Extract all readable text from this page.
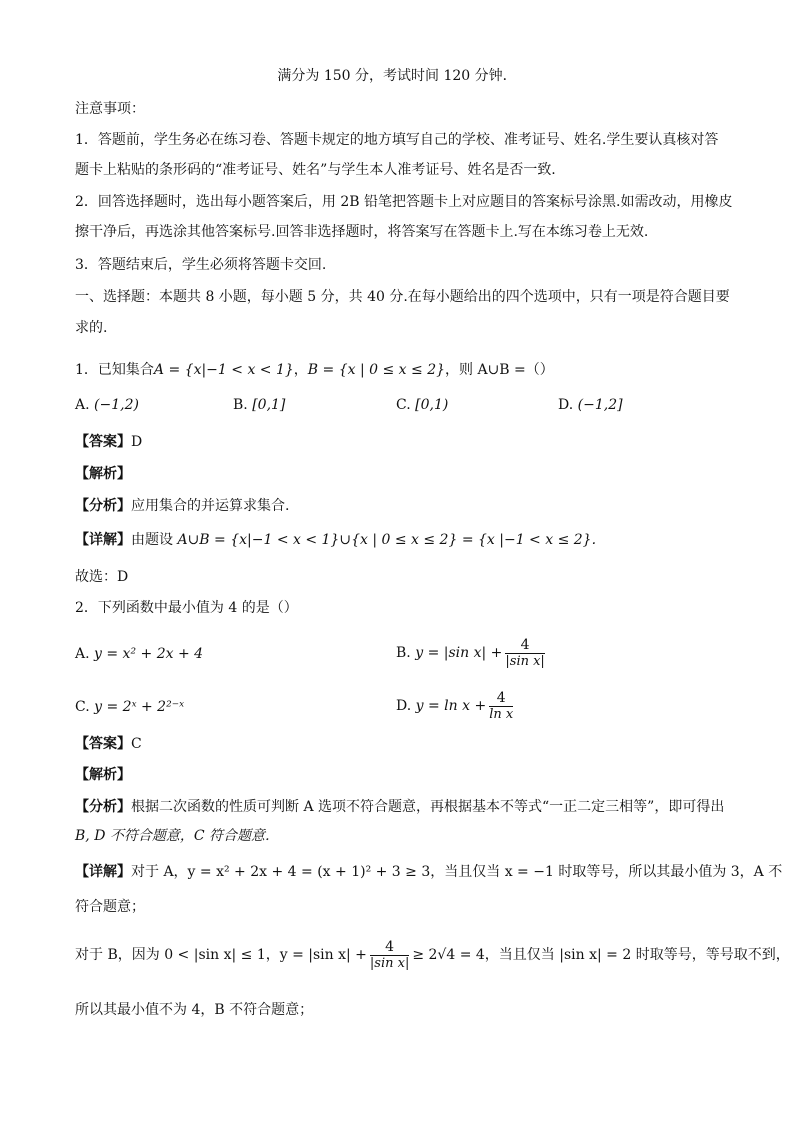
满分为 150 分，考试时间 120 分钟．
注意事项：
1．答题前，学生务必在练习卷、答题卡规定的地方填写自己的学校、准考证号、姓名.学生要认真核对答
题卡上粘贴的条形码的“准考证号、姓名”与学生本人准考证号、姓名是否一致.
2．回答选择题时，选出每小题答案后，用 2B 铅笔把答题卡上对应题目的答案标号涂黑.如需改动，用橡皮
擦干净后，再选涂其他答案标号.回答非选择题时，将答案写在答题卡上.写在本练习卷上无效.
3．答题结束后，学生必须将答题卡交回.
一、选择题：本题共 8 小题，每小题 5 分，共 40 分.在每小题给出的四个选项中，只有一项是符合题目要
求的.
1．已知集合A = {x|−1 < x < 1}，B = {x | 0 ≤ x ≤ 2}，则 A∪B =（）
A. (−1,2)	B. [0,1]	C. [0,1)	D. (−1,2]
【答案】D
【解析】
【分析】应用集合的并运算求集合.
【详解】由题设 A∪B = {x|−1 < x < 1}∪{x | 0 ≤ x ≤ 2} = {x |−1 < x ≤ 2}.
故选：D
2．下列函数中最小值为 4 的是（）
A. y = x² + 2x + 4	B. y = |sin $x| + \frac{4}{\text{|sin x|}}$
C. y = 2ˣ + 2²⁻ˣ	D. $y = \ln x + \frac{4}{\text{ln x}}$
【答案】C
【解析】
【分析】根据二次函数的性质可判断 A 选项不符合题意，再根据基本不等式“一正二定三相等”，即可得出
B, D 不符合题意，C 符合题意．
【详解】对于 A，y = x² + 2x + 4 = (x + 1)² + 3 ≥ 3，当且仅当 x = −1 时取等号，所以其最小值为 3，A 不
符合题意；
对于 B，因为 0 < |sin x| ≤ 1，y = |sin $x| + \frac{4}{\text{|sin x|}} \ge 2√4 = 4$，当且仅当 |sin x| = 2 时取等号，等号取不到，
所以其最小值不为 4，B 不符合题意；
